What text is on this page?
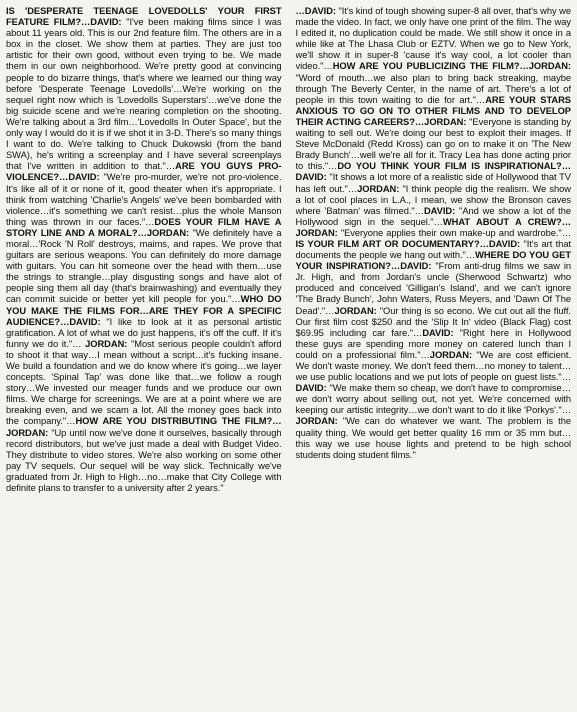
IS 'DESPERATE TEENAGE LOVEDOLLS' YOUR FIRST FEATURE FILM?…DAVID: "I've been making films since I was about 11 years old. This is our 2nd feature film. The others are in a box in the closet. We show them at parties. They are just too artistic for their own good, without even trying to be. We made them in our own neighborhood. We're pretty good at convincing people to do bizarre things, that's where we learned our thing way before 'Desperate Teenage Lovedolls'…We're working on the sequel right now which is 'Lovedolls Superstars'…we've done the big suicide scene and we're nearing completion on the shooting. We're talking about a 3rd film…'Lovedolls In Outer Space', but the only way I would do it is if we shot it in 3-D. There's so many things I want to do. We're talking to Chuck Dukowski (from the band SWA), he's writing a screenplay and I have several screenplays that I've written in addition to that."…ARE YOU GUYS PRO-VIOLENCE?…DAVID: "We're pro-murder, we're not pro-violence. It's like all of it or none of it, good theater when it's appropriate. I think from watching 'Charlie's Angels' we've been bombarded with violence…it's something we can't resist…plus the whole Manson thing was thrown in our faces."…DOES YOUR FILM HAVE A STORY LINE AND A MORAL?…JORDAN: "We definitely have a moral…'Rock 'N Roll' destroys, maims, and rapes. We prove that guitars are serious weapons. You can definitely do more damage with guitars. You can hit someone over the head with them…use the strings to strangle…play disgusting songs and have alot of people sing them all day (that's brainwashing) and eventually they can commit suicide or better yet kill people for you."…WHO DO YOU MAKE THE FILMS FOR…ARE THEY FOR A SPECIFIC AUDIENCE?…DAVID: "I like to look at it as personal artistic gratification. A lot of what we do just happens, it's off the cuff. If it's funny we do it."… JORDAN: "Most serious people couldn't afford to shoot it that way…I mean without a script…it's fucking insane. We build a foundation and we do know where it's going…we layer concepts. 'Spinal Tap' was done like that…we follow a rough story…We invested our meager funds and we produce our own films. We charge for screenings. We are at a point where we are breaking even, and we scam a lot. All the money goes back into the company."…HOW ARE YOU DISTRIBUTING THE FILM?…JORDAN: "Up until now we've done it ourselves, basically through record distributors, but we've just made a deal with Budget Video. They distribute to video stores. We're also working on some other pay TV sequels. Our sequel will be way slick. Technically we've graduated from Jr. High to High…no…make that City College with definite plans to transfer to a university after 2 years."
…DAVID: "It's kind of tough showing super-8 all over, that's why we made the video. In fact, we only have one print of the film. The way I edited it, no duplication could be made. We still show it once in a while like at The Lhasa Club or EZTV. When we go to New York, we'll show it in super-8 'cause it's way cool, a lot cooler than video."…HOW ARE YOU PUBLICIZING THE FILM?…JORDAN: "Word of mouth…we also plan to bring back streaking, maybe through The Beverly Center, in the name of art. There's a lot of people in this town waiting to die for art."…ARE YOUR STARS ANXIOUS TO GO ON TO OTHER FILMS AND TO DEVELOP THEIR ACTING CAREERS?…JORDAN: "Everyone is standing by waiting to sell out. We're doing our best to exploit their images. If Steve McDonald (Redd Kross) can go on to make it on 'The New Brady Bunch'…well we're all for it. Tracy Lea has done acting prior to this."…DO YOU THINK YOUR FILM IS INSPIRATIONAL?…DAVID: "It shows a lot more of a realistic side of Hollywood that TV has left out."…JORDAN: "I think people dig the realism. We show a lot of cool places in L.A., I mean, we show the Bronson caves where 'Batman' was filmed."…DAVID: "And we show a lot of the Hollywood sign in the sequel."…WHAT ABOUT A CREW?…JORDAN: "Everyone applies their own make-up and wardrobe."…IS YOUR FILM ART OR DOCUMENTARY?…DAVID: "It's art that documents the people we hang out with."…WHERE DO YOU GET YOUR INSPIRATION?…DAVID: "From anti-drug films we saw in Jr. High, and from Jordan's uncle (Sherwood Schwartz) who produced and conceived 'Gilligan's Island', and we can't ignore 'The Brady Bunch', John Waters, Russ Meyers, and 'Dawn Of The Dead'."…JORDAN: "Our thing is so econo. We cut out all the fluff. Our first film cost $250 and the 'Slip It In' video (Black Flag) cost $69.95 including car fare."…DAVID: "Right here in Hollywood these guys are spending more money on catered lunch than I could on a professional film."…JORDAN: "We are cost efficient. We don't waste money. We don't feed them…no money to talent…we use public locations and we put lots of people on guest lists."…DAVID: "We make them so cheap, we don't have to compromise…we don't worry about selling out, not yet. We're concerned with keeping our artistic integrity…we don't want to do it like 'Porkys'."…JORDAN: "We can do whatever we want. The problem is the quality thing. We would get better quality 16 mm or 35 mm but…this way we use house lights and pretend to be high school students doing student films."
